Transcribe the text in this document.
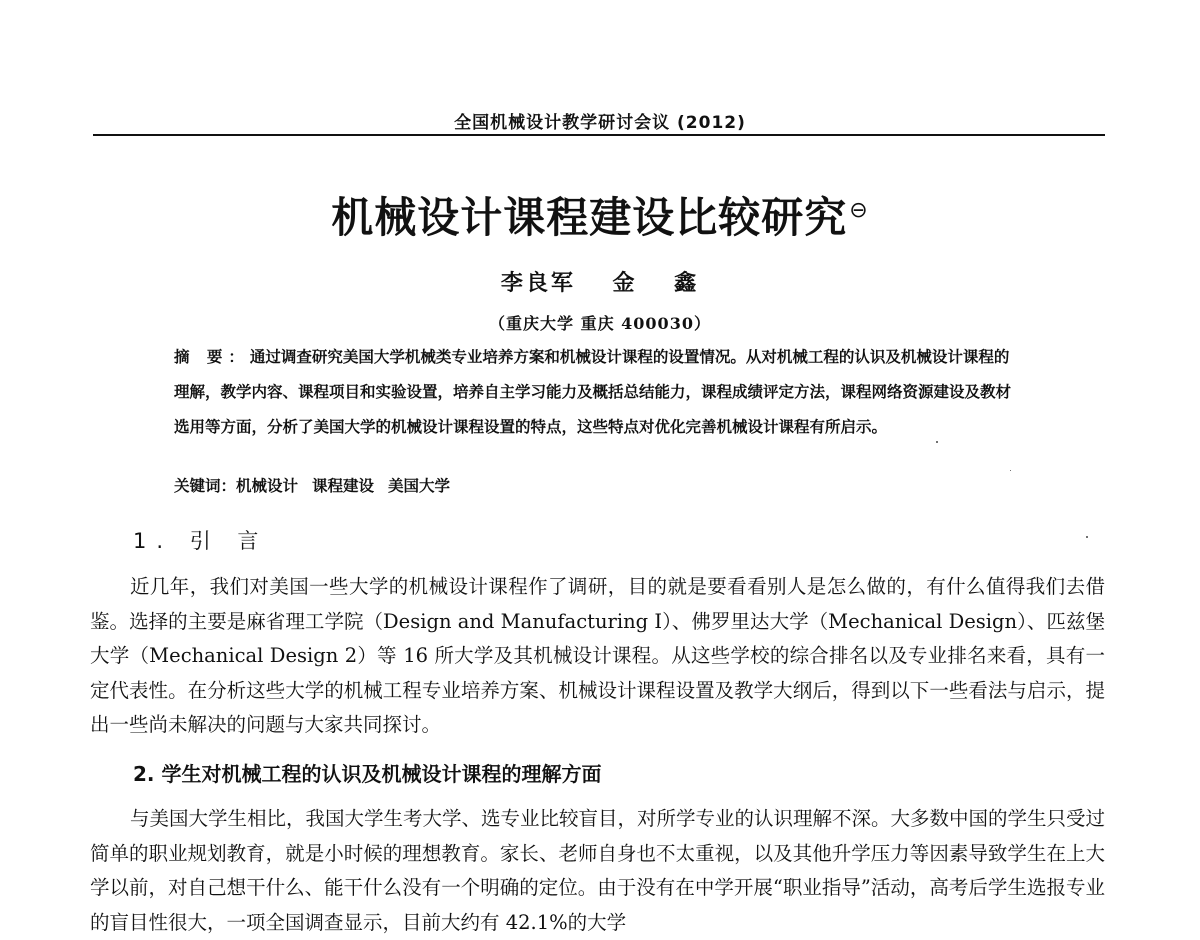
全国机械设计教学研讨会议 (2012)
机械设计课程建设比较研究⊖
李良军 金 鑫
（重庆大学 重庆 400030）
摘 要：通过调查研究美国大学机械类专业培养方案和机械设计课程的设置情况。从对机械工程的认识及机械设计课程的理解，教学内容、课程项目和实验设置，培养自主学习能力及概括总结能力，课程成绩评定方法，课程网络资源建设及教材选用等方面，分析了美国大学的机械设计课程设置的特点，这些特点对优化完善机械设计课程有所启示。
关键词：机械设计 课程建设 美国大学
1. 引 言
近几年，我们对美国一些大学的机械设计课程作了调研，目的就是要看看别人是怎么做的，有什么值得我们去借鉴。选择的主要是麻省理工学院（Design and Manufacturing I）、佛罗里达大学（Mechanical Design）、匹兹堡大学（Mechanical Design 2）等 16 所大学及其机械设计课程。从这些学校的综合排名以及专业排名来看，具有一定代表性。在分析这些大学的机械工程专业培养方案、机械设计课程设置及教学大纲后，得到以下一些看法与启示，提出一些尚未解决的问题与大家共同探讨。
2. 学生对机械工程的认识及机械设计课程的理解方面
与美国大学生相比，我国大学生考大学、选专业比较盲目，对所学专业的认识理解不深。大多数中国的学生只受过简单的职业规划教育，就是小时候的理想教育。家长、老师自身也不太重视，以及其他升学压力等因素导致学生在上大学以前，对自己想干什么、能干什么没有一个明确的定位。由于没有在中学开展“职业指导”活动，高考后学生选报专业的盲目性很大，一项全国调查显示，目前大约有 42.1%的大学
